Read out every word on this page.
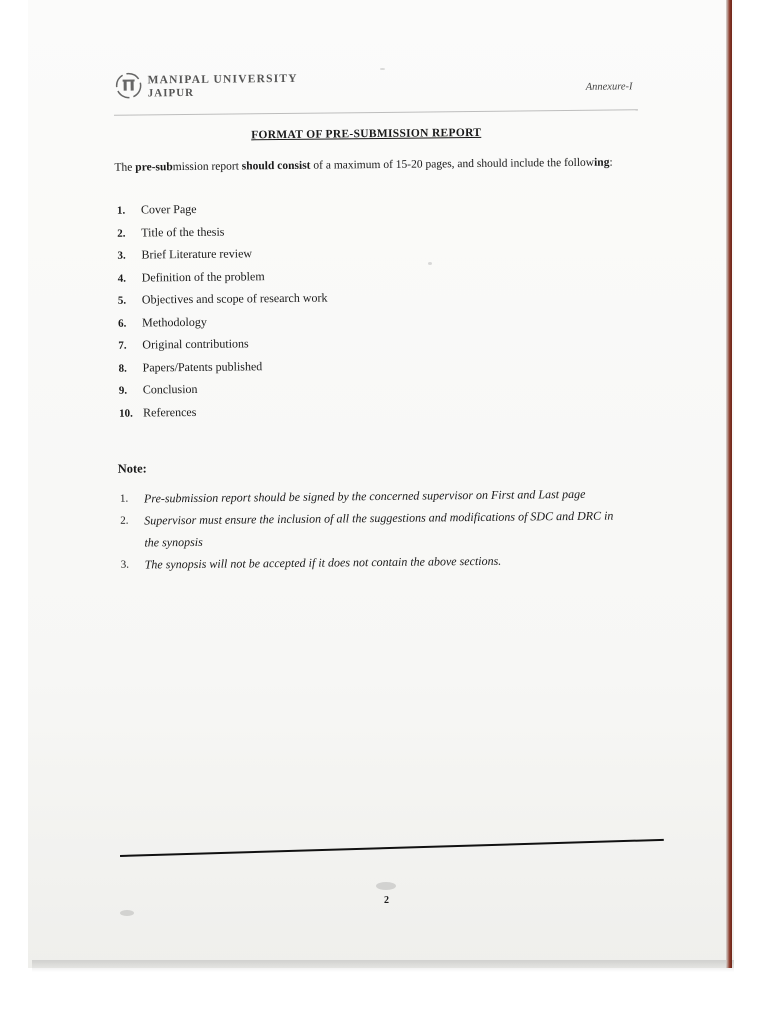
MANIPAL UNIVERSITY
JAIPUR	Annexure-I
FORMAT OF PRE-SUBMISSION REPORT
The pre-submission report should consist of a maximum of 15-20 pages, and should include the following:
1.	Cover Page
2.	Title of the thesis
3.	Brief Literature review
4.	Definition of the problem
5.	Objectives and scope of research work
6.	Methodology
7.	Original contributions
8.	Papers/Patents published
9.	Conclusion
10. References
Note:
1.	Pre-submission report should be signed by the concerned supervisor on First and Last page
2.	Supervisor must ensure the inclusion of all the suggestions and modifications of SDC and DRC in the synopsis
3.	The synopsis will not be accepted if it does not contain the above sections.
2
